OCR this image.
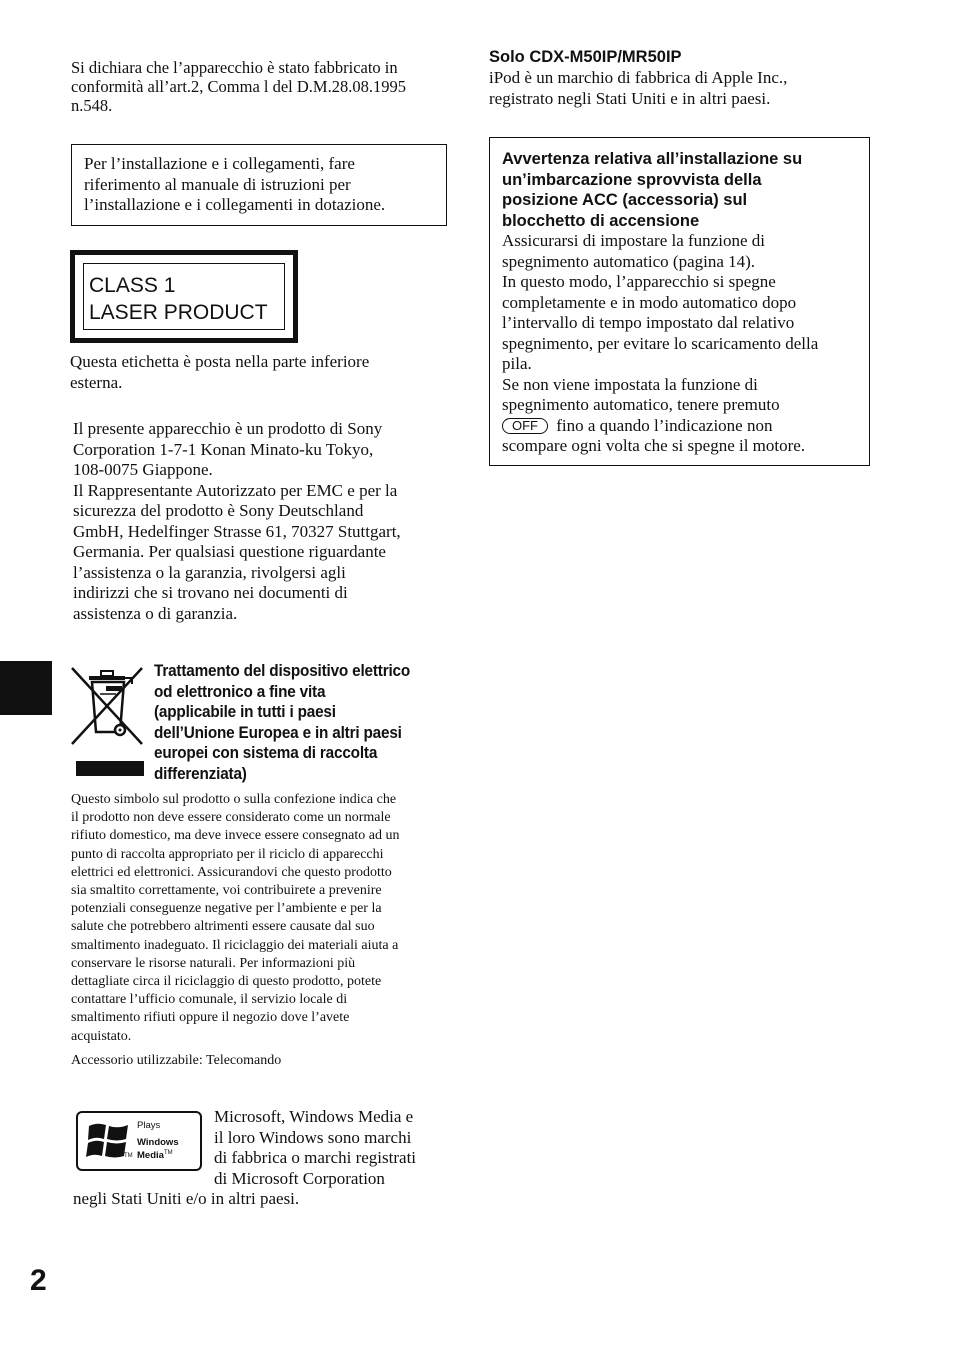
Si dichiara che l’apparecchio è stato fabbricato in
conformità all’art.2, Comma l del D.M.28.08.1995
n.548.
Per l’installazione e i collegamenti, fare
riferimento al manuale di istruzioni per
l’installazione e i collegamenti in dotazione.
CLASS 1
LASER PRODUCT
Questa etichetta è posta nella parte inferiore
esterna.
Il presente apparecchio è un prodotto di Sony
Corporation 1-7-1 Konan Minato-ku Tokyo,
108-0075 Giappone.
Il Rappresentante Autorizzato per EMC e per la
sicurezza del prodotto è Sony Deutschland
GmbH, Hedelfinger Strasse 61, 70327 Stuttgart,
Germania. Per qualsiasi questione riguardante
l’assistenza o la garanzia, rivolgersi agli
indirizzi che si trovano nei documenti di
assistenza o di garanzia.
Trattamento del dispositivo elettrico
od elettronico a fine vita
(applicabile in tutti i paesi
dell’Unione Europea e in altri paesi
europei con sistema di raccolta
differenziata)
Questo simbolo sul prodotto o sulla confezione indica che
il prodotto non deve essere considerato come un normale
rifiuto domestico, ma deve invece essere consegnato ad un
punto di raccolta appropriato per il riciclo di apparecchi
elettrici ed elettronici. Assicurandovi che questo prodotto
sia smaltito correttamente, voi contribuirete a prevenire
potenziali conseguenze negative per l’ambiente e per la
salute che potrebbero altrimenti essere causate dal suo
smaltimento inadeguato. Il riciclaggio dei materiali aiuta a
conservare le risorse naturali. Per informazioni più
dettagliate circa il riciclaggio di questo prodotto, potete
contattare l’ufficio comunale, il servizio locale di
smaltimento rifiuti oppure il negozio dove l’avete
acquistato.
Accessorio utilizzabile: Telecomando
TM
Plays
Windows
Media™
Microsoft, Windows Media e
il loro Windows sono marchi
di fabbrica o marchi registrati
di Microsoft Corporation
negli Stati Uniti e/o in altri paesi.
Solo CDX-M50IP/MR50IP
iPod è un marchio di fabbrica di Apple Inc.,
registrato negli Stati Uniti e in altri paesi.
Avvertenza relativa all’installazione su
un’imbarcazione sprovvista della
posizione ACC (accessoria) sul
blocchetto di accensione
Assicurarsi di impostare la funzione di
spegnimento automatico (pagina 14).
In questo modo, l’apparecchio si spegne
completamente e in modo automatico dopo
l’intervallo di tempo impostato dal relativo
spegnimento, per evitare lo scaricamento della
pila.
Se non viene impostata la funzione di
spegnimento automatico, tenere premuto
OFF fino a quando l’indicazione non
scompare ogni volta che si spegne il motore.
2
